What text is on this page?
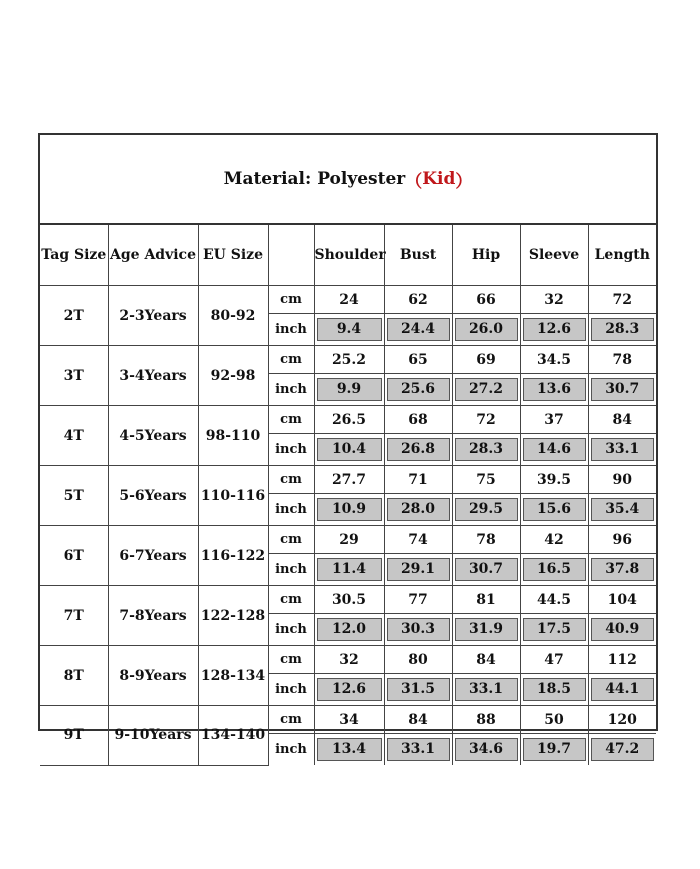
Material: Polyester （ Kid ）
Tag Size	Age Advice	EU Size		Shoulder	Bust	Hip	Sleeve	Length
2T	2-3Years	80-92	cm	24	62	66	32	72
			inch	9.4	24.4	26.0	12.6	28.3

3T	3-4Years	92-98	cm	25.2	65	69	34.5	78
			inch	9.9	25.6	27.2	13.6	30.7

4T	4-5Years	98-110	cm	26.5	68	72	37	84
			inch	10.4	26.8	28.3	14.6	33.1

5T	5-6Years	110-116	cm	27.7	71	75	39.5	90
			inch	10.9	28.0	29.5	15.6	35.4

6T	6-7Years	116-122	cm	29	74	78	42	96
			inch	11.4	29.1	30.7	16.5	37.8

7T	7-8Years	122-128	cm	30.5	77	81	44.5	104
			inch	12.0	30.3	31.9	17.5	40.9

8T	8-9Years	128-134	cm	32	80	84	47	112
			inch	12.6	31.5	33.1	18.5	44.1

9T	9-10Years	134-140	cm	34	84	88	50	120
			inch	13.4	33.1	34.6	19.7	47.2
